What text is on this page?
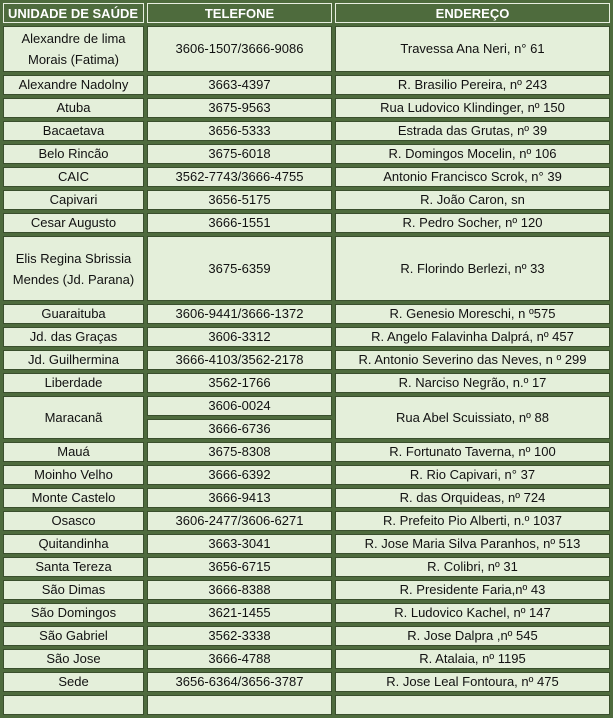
UNIDADE DE SAÚDE	TELEFONE	ENDEREÇO
Alexandre de lima Morais (Fatima)	3606-1507/3666-9086	Travessa Ana Neri, n° 61
Alexandre Nadolny	3663-4397	R. Brasilio Pereira, nº 243
Atuba	3675-9563	Rua Ludovico Klindinger, nº 150
Bacaetava	3656-5333	Estrada das Grutas, nº 39
Belo Rincão	3675-6018	R. Domingos Mocelin, nº 106
CAIC	3562-7743/3666-4755	Antonio Francisco Scrok, n° 39
Capivari	3656-5175	R. João Caron, sn
Cesar Augusto	3666-1551	R. Pedro Socher, nº 120
Elis Regina Sbrissia Mendes (Jd. Parana)	3675-6359	R. Florindo Berlezi, nº 33
Guaraituba	3606-9441/3666-1372	R. Genesio Moreschi, n º575
Jd. das Graças	3606-3312	R. Angelo Falavinha Dalprá, nº 457
Jd. Guilhermina	3666-4103/3562-2178	R. Antonio Severino das Neves, n º 299
Liberdade	3562-1766	R. Narciso Negrão, n.º 17
Maracanã	3606-0024	Rua Abel Scuissiato, nº 88
	3666-6736	
Mauá	3675-8308	R. Fortunato Taverna, nº 100
Moinho Velho	3666-6392	R. Rio Capivari, n° 37
Monte Castelo	3666-9413	R. das Orquideas, nº 724
Osasco	3606-2477/3606-6271	R. Prefeito Pio Alberti, n.º 1037
Quitandinha	3663-3041	R. Jose Maria Silva Paranhos, nº 513
Santa Tereza	3656-6715	R. Colibri, nº 31
São Dimas	3666-8388	R. Presidente Faria,nº 43
São Domingos	3621-1455	R. Ludovico Kachel, nº 147
São Gabriel	3562-3338	R. Jose Dalpra ,nº 545
São Jose	3666-4788	R. Atalaia, nº 1195
Sede	3656-6364/3656-3787	R. Jose Leal Fontoura, nº 475
